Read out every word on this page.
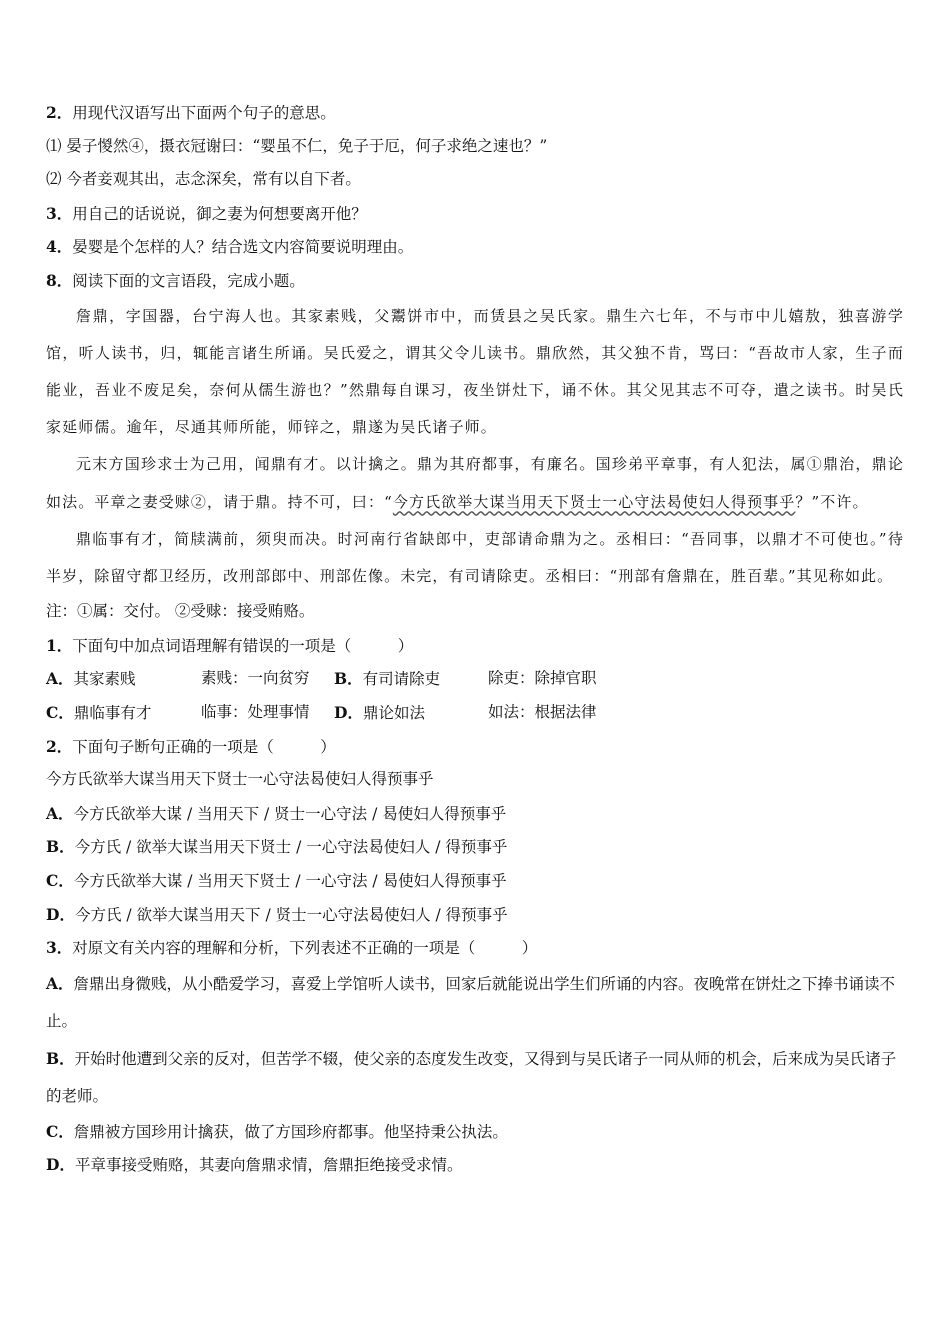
2．用现代汉语写出下面两个句子的意思。
⑴ 晏子惾然④，摄衣冠谢曰：“婴虽不仁，免子于厄，何子求绝之速也？”
⑵ 今者妾观其出，志念深矣，常有以自下者。
3．用自己的话说说，御之妻为何想要离开他？
4．晏婴是个怎样的人？结合选文内容简要说明理由。
8．阅读下面的文言语段，完成小题。

詹鼎，字国器，台宁海人也。其家素贱，父鬻饼市中，而赁县之吴氏家。鼎生六七年，不与市中儿嬉敖，独喜游学馆，听人读书，归，辄能言诸生所诵。吴氏爱之，谓其父令儿读书。鼎欣然，其父独不肯，骂曰：“吾故市人家，生子而能业，吾业不废足矣，奈何从儒生游也？”然鼎每自课习，夜坐饼灶下，诵不休。其父见其志不可夺，遣之读书。时吴氏家延师儒。逾年，尽通其师所能，师锌之，鼎遂为吴氏诸子师。

元末方国珍求士为己用，闻鼎有才。以计擒之。鼎为其府都事，有廉名。国珍弟平章事，有人犯法，属①鼎治，鼎论如法。平章之妻受赇②，请于鼎。持不可，曰：“今方氏欲举大谋当用天下贤士一心守法曷使妇人得预事乎？”不许。

鼎临事有才，简牍满前，须臾而决。时河南行省缺郎中，吏部请命鼎为之。丞相曰：“吾同事，以鼎才不可使也。”待半岁，除留守都卫经历，改刑部郎中、刑部佐像。未完，有司请除吏。丞相曰：“刑部有詹鼎在，胜百辈。”其见称如此。

注：①属：交付。 ②受赇：接受贿赂。
1．下面句中加点词语理解有错误的一项是（　　　）
A．其家素贱	素贱：一向贫穷 B．有司请除吏	除吏：除掉官职
C．鼎临事有才	临事：处理事情 D．鼎论如法	如法：根据法律
2．下面句子断句正确的一项是（　　　）
今方氏欲举大谋当用天下贤士一心守法曷使妇人得预事乎
A．今方氏欲举大谋 / 当用天下 / 贤士一心守法 / 曷使妇人得预事乎
B．今方氏 / 欲举大谋当用天下贤士 / 一心守法曷使妇人 / 得预事乎
C．今方氏欲举大谋 / 当用天下贤士 / 一心守法 / 曷使妇人得预事乎
D．今方氏 / 欲举大谋当用天下 / 贤士一心守法曷使妇人 / 得预事乎
3．对原文有关内容的理解和分析，下列表述不正确的一项是（　　　）
A．詹鼎出身微贱，从小酷爱学习，喜爱上学馆听人读书，回家后就能说出学生们所诵的内容。夜晚常在饼灶之下捧书诵读不止。
B．开始时他遭到父亲的反对，但苦学不辍，使父亲的态度发生改变，又得到与吴氏诸子一同从师的机会，后来成为吴氏诸子的老师。
C．詹鼎被方国珍用计擒获，做了方国珍府都事。他坚持秉公执法。
D．平章事接受贿赂，其妻向詹鼎求情，詹鼎拒绝接受求情。
